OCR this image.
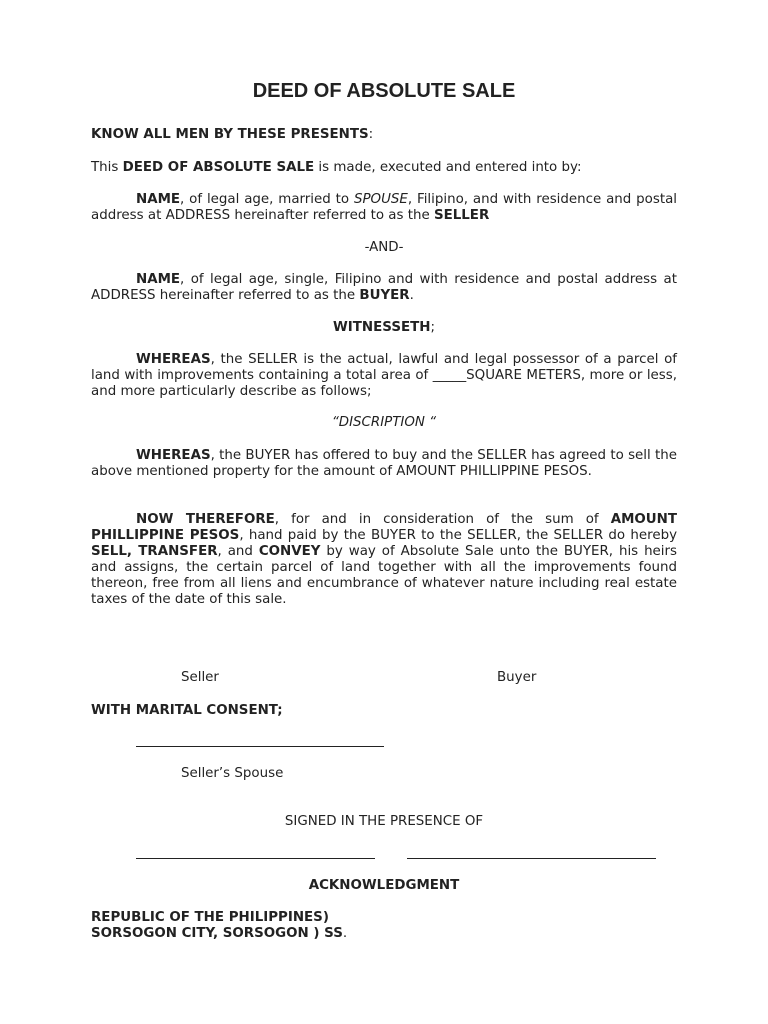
DEED OF ABSOLUTE SALE

KNOW ALL MEN BY THESE PRESENTS:

This DEED OF ABSOLUTE SALE is made, executed and entered into by:

NAME, of legal age, married to SPOUSE, Filipino, and with residence and postal address at ADDRESS hereinafter referred to as the SELLER

-AND-

NAME, of legal age, single, Filipino and with residence and postal address at ADDRESS hereinafter referred to as the BUYER.

WITNESSETH;

WHEREAS, the SELLER is the actual, lawful and legal possessor of a parcel of land with improvements containing a total area of _____SQUARE METERS, more or less, and more particularly describe as follows;

“DISCRIPTION “

WHEREAS, the BUYER has offered to buy and the SELLER has agreed to sell the above mentioned property for the amount of AMOUNT PHILLIPPINE PESOS.

NOW THEREFORE, for and in consideration of the sum of AMOUNT PHILLIPPINE PESOS, hand paid by the BUYER to the SELLER, the SELLER do hereby SELL, TRANSFER, and CONVEY by way of Absolute Sale unto the BUYER, his heirs and assigns, the certain parcel of land together with all the improvements found thereon, free from all liens and encumbrance of whatever nature including real estate taxes of the date of this sale.

Seller	Buyer

WITH MARITAL CONSENT;

Seller’s Spouse

SIGNED IN THE PRESENCE OF

ACKNOWLEDGMENT

REPUBLIC OF THE PHILIPPINES)

SORSOGON CITY, SORSOGON ) SS.
